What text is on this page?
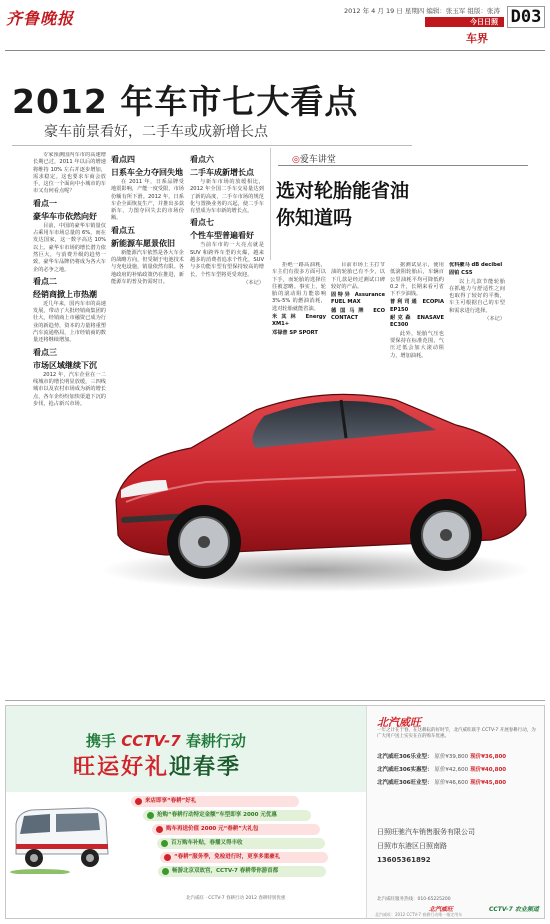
齐鲁晚报	2012 年 4 月 19 日 星期四 编辑：张玉军 组版：张涛
今日日照
车界
D03
2012 年车市七大看点
豪车前景看好，二手车或成新增长点

专家预测国内车市的高速增长期已过，2011 年以后的增速将维持 10% 左右并逐步增加，需求稳定。这也要求车商会放手，这位一个面向中小城市的车市又有何看点呢？

看点一
豪华车市依然向好

目前，中国的豪华车销量仅占乘用车市场总量的 6%，而在发达国家，这一数字高达 10% 以上。豪华车市场的增长潜力依然巨大，与消费升级的趋势一致，豪华车品牌仍将成为各大车企的必争之地。

看点二
经销商掀上市热潮

近几年来，国内车市的高速发展，带动了大批经销商集团的壮大，经销商上市融资已成为行业的新趋势，资本的力量将重塑汽车流通格局，上市经销商的数量还将继续增加。

看点三
市场区域继续下沉

2012 年，汽车企业在一二线城市的增长明显放缓，三四线城市以及农村市场成为新的增长点，各车企纷纷加快渠道下沉的步伐，抢占新兴市场。

看点四
日系车全力夺回失地

在 2011 年，日系品牌受地震影响，产能一度受限，市场份额有所下滑。2012 年，日系车企全面恢复生产，并推出多款新车，力图夺回失去的市场份额。

看点五
新能源车愿景依旧

新能源汽车依然是各大车企的战略方向，但受制于电池技术与充电设施，销量依然有限。各地政府的补贴政策仍在推进，新能源车的普及仍需时日。

看点六
二手车成新增长点

与新车市场的放缓相比，2012 年全国二手车交易量达到了新的高度，二手车市场的规范化与置换业务的兴起，使二手车有望成为车市新的增长点。

看点七
个性车型普遍看好

当前车市的一大亮点就是 SUV 和跨界车型的火爆，越来越多的消费者追求个性化，SUV 与多功能车型有望保持较高的增长，个性车型将更受欢迎。

（本记）

◎爱车讲堂
选对轮胎能省油
你知道吗

拒绝一路高油耗，车主们有很多方面可以下手，而轮胎的选择往往被忽略。事实上，轮胎的滚动阻力能影响 3%-5% 的燃油消耗，选对轮胎就能省油。

米其林 Energy XM1+

邓禄普 SP SPORT

目前市场上主打节油的轮胎已有不少，以下几款是经过测试口碑较好的产品。

固特异 Assurance FUEL MAX

德国马牌 ECO CONTACT

据测试显示，使用低滚阻轮胎后，车辆百公里油耗平均可降低约 0.2 升，长期来看可省下不少油钱。

普利司通 ECOPIA EP150

耐克森 ENASAVE EC300

此外，轮胎气压也要保持在标准范围，气压过低会加大滚动阻力，增加油耗。

优科豪马 dB decibel

固铂 CS5

以上几款节能轮胎在抓地力与舒适性之间也取得了较好的平衡，车主可根据自己的车型和需求进行选择。

（本记）

携手 CCTV-7 春耕行动
旺运好礼迎春季
来店即享“春耕”好礼
抢购“春耕行动特定金额”车型即享 2000 元优惠
购车再送价值 2000 元“春耕”大礼包
百万购车补贴，春播又得丰收
“春耕”服务季，免检进行时，更享多重豪礼
畅游北京双故宫，CCTV-7 春耕带你游首都
北汽威旺 · CCTV-7 春耕行动 2012 春耕特别优惠
北汽威旺
一年之计在于春，在这耕耘的好时节，北汽威旺联手 CCTV-7 开展春耕行动，为广大用户送上实实在在的购车优惠。
北汽威旺306乐业型： 原价¥39,800 现价¥36,800
北汽威旺306实惠型： 原价¥42,600 现价¥40,800
北汽威旺306旺业型： 原价¥46,600 现价¥45,800
日照旺驰汽车销售服务有限公司
日照市东港区日照南路
13605361892
北汽威旺服务热线：010-65225200
北汽威旺	CCTV-7 农业频道
北汽威旺：2012 CCTV-7 春耕行动唯一指定用车
